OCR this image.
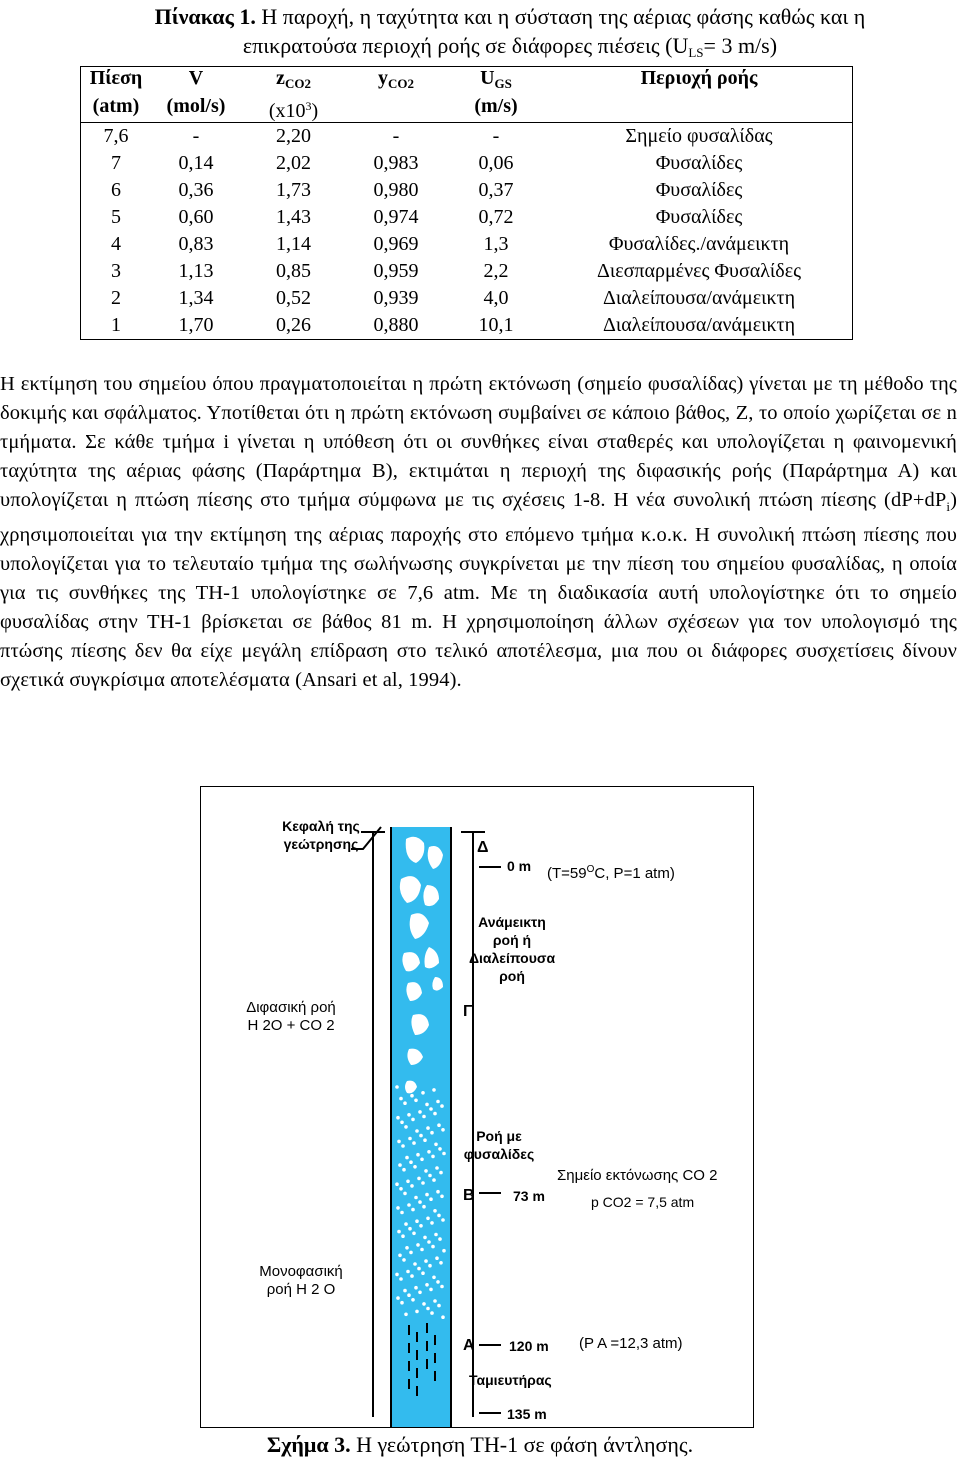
Πίνακας 1. Η παροχή, η ταχύτητα και η σύσταση της αέριας φάσης καθώς και η
επικρατούσα περιοχή ροής σε διάφορες πιέσεις ($U_{LS}= 3$ m/s)
Πίεση	V	$z_{CO2}$	$y_{CO2}$	$U_{GS}$	Περιοχή ροής
(atm)	(mol/s)	$(x10^3)$		(m/s)	
7,6	-	2,20	-	-	Σημείο φυσαλίδας
7	0,14	2,02	0,983	0,06	Φυσαλίδες
6	0,36	1,73	0,980	0,37	Φυσαλίδες
5	0,60	1,43	0,974	0,72	Φυσαλίδες
4	0,83	1,14	0,969	1,3	Φυσαλίδες./ανάμεικτη
3	1,13	0,85	0,959	2,2	Διεσπαρμένες Φυσαλίδες
2	1,34	0,52	0,939	4,0	Διαλείπουσα/ανάμεικτη
1	1,70	0,26	0,880	10,1	Διαλείπουσα/ανάμεικτη
Η εκτίμηση του σημείου όπου πραγματοποιείται η πρώτη εκτόνωση (σημείο φυσαλίδας) γίνεται με τη μέθοδο της δοκιμής και σφάλματος. Υποτίθεται ότι η πρώτη εκτόνωση συμβαίνει σε κάποιο βάθος, Ζ, το οποίο χωρίζεται σε n τμήματα. Σε κάθε τμήμα i γίνεται η υπόθεση ότι οι συνθήκες είναι σταθερές και υπολογίζεται η φαινομενική ταχύτητα της αέριας φάσης (Παράρτημα Β), εκτιμάται η περιοχή της διφασικής ροής (Παράρτημα Α) και υπολογίζεται η πτώση πίεσης στο τμήμα σύμφωνα με τις σχέσεις 1-8. Η νέα συνολική πτώση πίεσης $(dP+dP_i)$ χρησιμοποιείται για την εκτίμηση της αέριας παροχής στο επόμενο τμήμα κ.ο.κ. Η συνολική πτώση πίεσης που υπολογίζεται για το τελευταίο τμήμα της σωλήνωσης συγκρίνεται με την πίεση του σημείου φυσαλίδας, η οποία για τις συνθήκες της ΤΗ-1 υπολογίστηκε σε 7,6 atm. Με τη διαδικασία αυτή υπολογίστηκε ότι το σημείο φυσαλίδας στην ΤΗ-1 βρίσκεται σε βάθος 81 m. Η χρησιμοποίηση άλλων σχέσεων για τον υπολογισμό της πτώσης πίεσης δεν θα είχε μεγάλη επίδραση στο τελικό αποτέλεσμα, μια που οι διάφορες συσχετίσεις δίνουν σχετικά συγκρίσιμα αποτελέσματα (Ansari et al, 1994).
Κεφαλή της
γεώτρησης	Δ
0 m ($T=59^OC$, P=1 atm)
Ανάμεικτη
ροή ή
Διαλείπουσα
ροή
Διφασική ροή
H 2O + CO 2
Γ
Ροή με
φυσαλίδες
Σημείο εκτόνωσης CO 2
p CO2 = 7,5 atm
Β	73 m
Μονοφασική
ροή H 2 O
Α 120 m (P A =12,3 atm)
Ταμιευτήρας
135 m
Σχήμα 3. Η γεώτρηση ΤΗ-1 σε φάση άντλησης.
